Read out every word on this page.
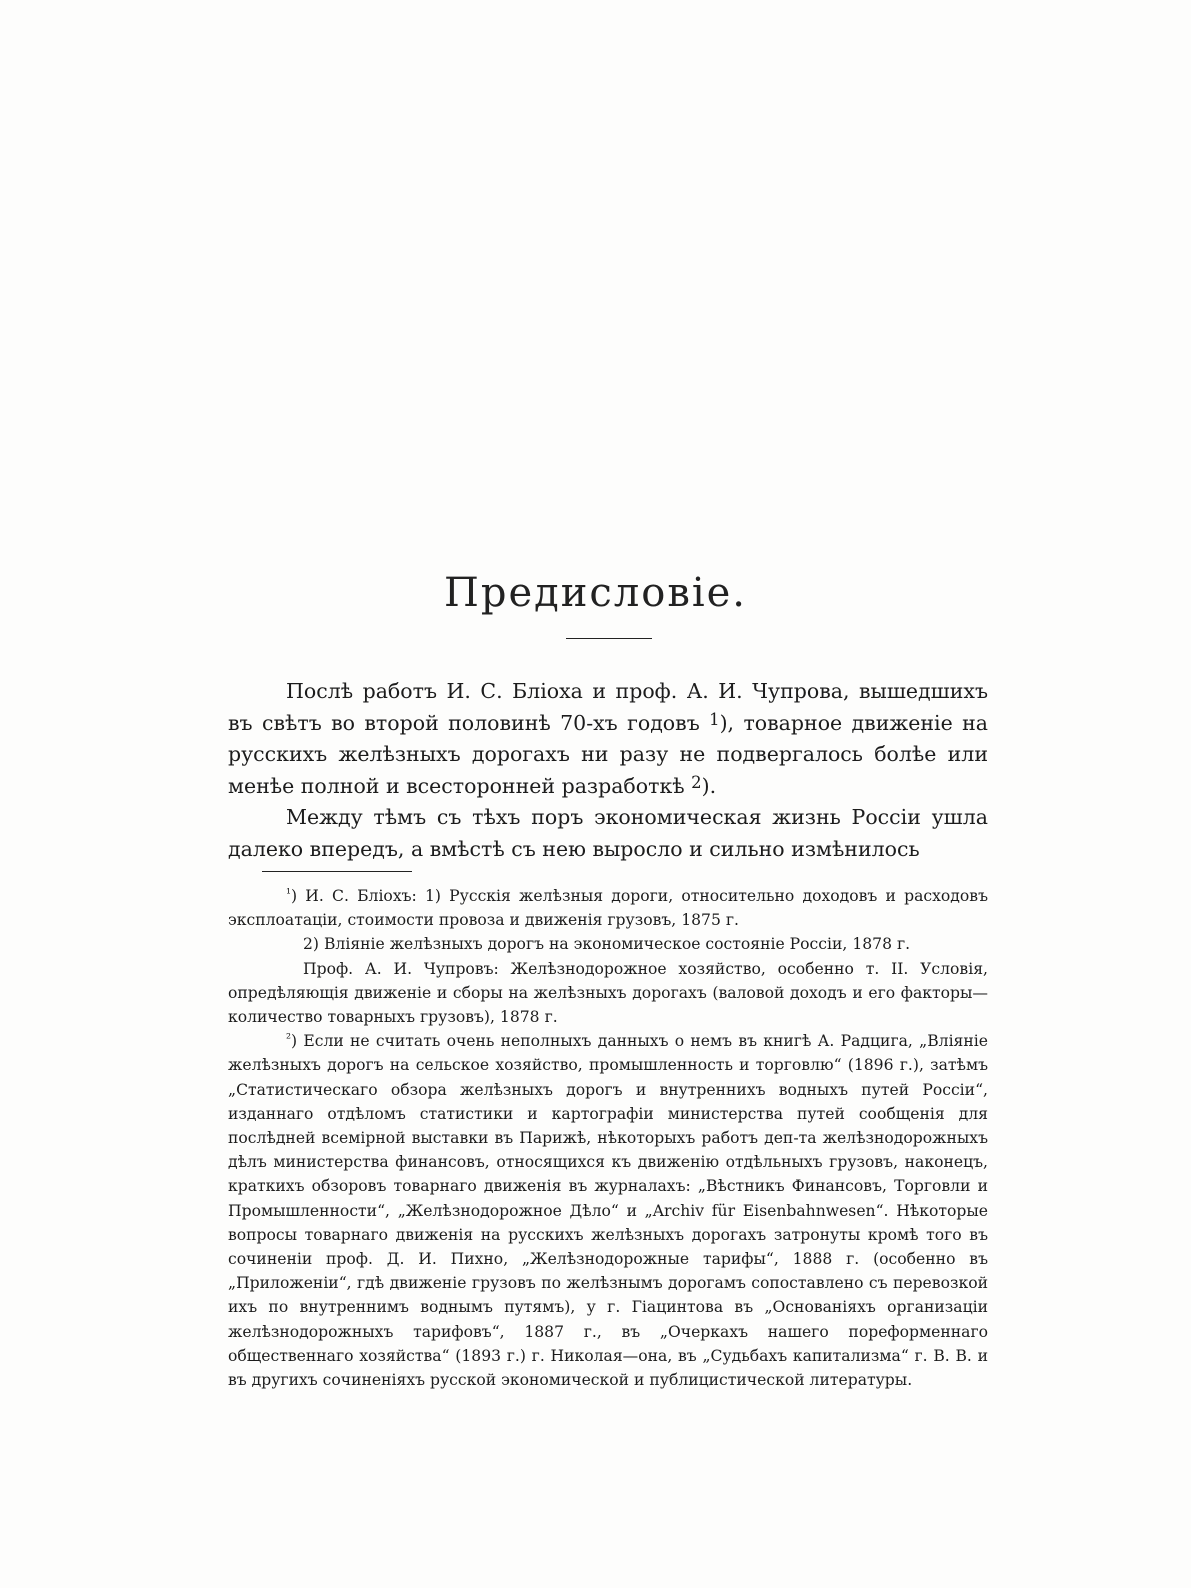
Предисловіе.

Послѣ работъ И. С. Блioха и проф. А. И. Чупрова, вышедшихъ въ свѣтъ во второй половинѣ 70-хъ годовъ $^1$), товарное движеніе на русскихъ желѣзныхъ дорогахъ ни разу не подвергалось болѣе или менѣе полной и всесторонней разработкѣ $^2$).

Между тѣмъ съ тѣхъ поръ экономическая жизнь Россіи ушла далеко впередъ, а вмѣстѣ съ нею выросло и сильно измѣнилось

$^{^1}$) И. С. Блioхъ: 1) Русскія желѣзныя дороги, относительно доходовъ и расходовъ эксплоатаціи, стоимости провоза и движенія грузовъ, 1875 г.

2) Вліяніе желѣзныхъ дорогъ на экономическое состояніе Россіи, 1878 г.

Проф. А. И. Чупровъ: Желѣзнодорожное хозяйство, особенно т. II. Условія, опредѣляющія движеніе и сборы на желѣзныхъ дорогахъ (валовой доходъ и его факторы—количество товарныхъ грузовъ), 1878 г.

$^{^2}$) Если не считать очень неполныхъ данныхъ о немъ въ книгѣ А. Радцига, „Вліяніе желѣзныхъ дорогъ на сельское хозяйство, промышленность и торговлю“ (1896 г.), затѣмъ „Статистическаго обзора желѣзныхъ дорогъ и внутреннихъ водныхъ путей Россіи“, изданнаго отдѣломъ статистики и картографіи министерства путей сообщенія для послѣдней всемірной выставки въ Парижѣ, нѣкоторыхъ работъ деп-та желѣзнодорожныхъ дѣлъ министерства финансовъ, относящихся къ движенію отдѣльныхъ грузовъ, наконецъ, краткихъ обзоровъ товарнаго движенія въ журналахъ: „Вѣстникъ Финансовъ, Торговли и Промышленности“, „Желѣзнодорожное Дѣло“ и „Archiv für Eisenbahnwesen“. Нѣкоторые вопросы товарнаго движенія на русскихъ желѣзныхъ дорогахъ затронуты кромѣ того въ сочиненіи проф. Д. И. Пихно, „Желѣзнодорожные тарифы“, 1888 г. (особенно въ „Приложеніи“, гдѣ движеніе грузовъ по желѣзнымъ дорогамъ сопоставлено съ перевозкой ихъ по внутреннимъ воднымъ путямъ), у г. Гіацинтова въ „Основаніяхъ организаціи желѣзнодорожныхъ тарифовъ“, 1887 г., въ „Очеркахъ нашего пореформеннаго общественнаго хозяйства“ (1893 г.) г. Николая—она, въ „Судьбахъ капитализма“ г. В. В. и въ другихъ сочиненіяхъ русской экономической и публицистической литературы.
